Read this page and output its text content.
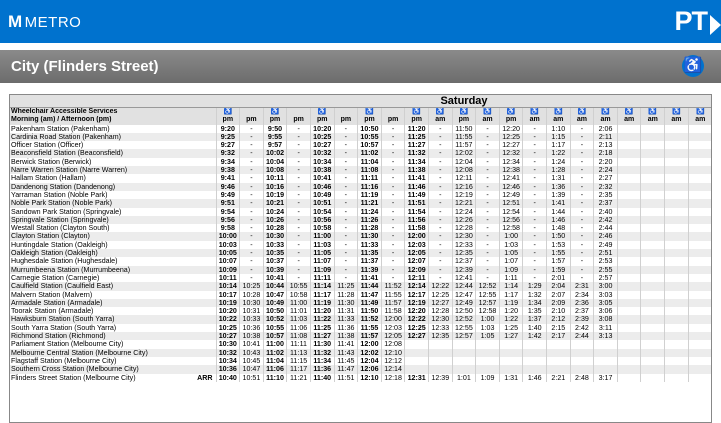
M METRO	PT
City (Flinders Street)	♿
		Saturday																				
Wheelchair Accessible Services		♿		♿		♿		♿		♿	♿	♿	♿	♿	♿	♿	♿	♿	♿	♿	♿	♿
Morning (am) / Afternoon (pm)		pm	pm	pm	pm	pm	pm	pm	pm	pm	am	pm	am	pm	am	am	am	am	am	am	am	am
Pakenham Station (Pakenham)		9:20	-	9:50	-	10:20	-	10:50	-	11:20	-	11:50	-	12:20	-	1:10	-	2:06				
Cardinia Road Station (Pakenham)		9:25	-	9:55	-	10:25	-	10:55	-	11:25	-	11:55	-	12:25	-	1:15	-	2:11				
Officer Station (Officer)		9:27	-	9:57	-	10:27	-	10:57	-	11:27	-	11:57	-	12:27	-	1:17	-	2:13				
Beaconsfield Station (Beaconsfield)		9:32	-	10:02	-	10:32	-	11:02	-	11:32	-	12:02	-	12:32	-	1:22	-	2:18				
Berwick Station (Berwick)		9:34	-	10:04	-	10:34	-	11:04	-	11:34	-	12:04	-	12:34	-	1:24	-	2:20				
Narre Warren Station (Narre Warren)		9:38	-	10:08	-	10:38	-	11:08	-	11:38	-	12:08	-	12:38	-	1:28	-	2:24				
Hallam Station (Hallam)		9:41	-	10:11	-	10:41	-	11:11	-	11:41	-	12:11	-	12:41	-	1:31	-	2:27				
Dandenong Station (Dandenong)		9:46	-	10:16	-	10:46	-	11:16	-	11:46	-	12:16	-	12:46	-	1:36	-	2:32				
Yarraman Station (Noble Park)		9:49	-	10:19	-	10:49	-	11:19	-	11:49	-	12:19	-	12:49	-	1:39	-	2:35				
Noble Park Station (Noble Park)		9:51	-	10:21	-	10:51	-	11:21	-	11:51	-	12:21	-	12:51	-	1:41	-	2:37				
Sandown Park Station (Springvale)		9:54	-	10:24	-	10:54	-	11:24	-	11:54	-	12:24	-	12:54	-	1:44	-	2:40				
Springvale Station (Springvale)		9:56	-	10:26	-	10:56	-	11:26	-	11:56	-	12:26	-	12:56	-	1:46	-	2:42				
Westall Station (Clayton South)		9:58	-	10:28	-	10:58	-	11:28	-	11:58	-	12:28	-	12:58	-	1:48	-	2:44				
Clayton Station (Clayton)		10:00	-	10:30	-	11:00	-	11:30	-	12:00	-	12:30	-	1:00	-	1:50	-	2:46				
Huntingdale Station (Oakleigh)		10:03	-	10:33	-	11:03	-	11:33	-	12:03	-	12:33	-	1:03	-	1:53	-	2:49				
Oakleigh Station (Oakleigh)		10:05	-	10:35	-	11:05	-	11:35	-	12:05	-	12:35	-	1:05	-	1:55	-	2:51				
Hughesdale Station (Hughesdale)		10:07	-	10:37	-	11:07	-	11:37	-	12:07	-	12:37	-	1:07	-	1:57	-	2:53				
Murrumbeena Station (Murrumbeena)		10:09	-	10:39	-	11:09	-	11:39	-	12:09	-	12:39	-	1:09	-	1:59	-	2:55				
Carnegie Station (Carnegie)		10:11	-	10:41	-	11:11	-	11:41	-	12:11	-	12:41	-	1:11	-	2:01	-	2:57				
Caulfield Station (Caulfield East)		10:14	10:25	10:44	10:55	11:14	11:25	11:44	11:52	12:14	12:22	12:44	12:52	1:14	1:29	2:04	2:31	3:00				
Malvern Station (Malvern)		10:17	10:28	10:47	10:58	11:17	11:28	11:47	11:55	12:17	12:25	12:47	12:55	1:17	1:32	2:07	2:34	3:03				
Armadale Station (Armadale)		10:19	10:30	10:49	11:00	11:19	11:30	11:49	11:57	12:19	12:27	12:49	12:57	1:19	1:34	2:09	2:36	3:05				
Toorak Station (Armadale)		10:20	10:31	10:50	11:01	11:20	11:31	11:50	11:58	12:20	12:28	12:50	12:58	1:20	1:35	2:10	2:37	3:06				
Hawksburn Station (South Yarra)		10:22	10:33	10:52	11:03	11:22	11:33	11:52	12:00	12:22	12:30	12:52	1:00	1:22	1:37	2:12	2:39	3:08				
South Yarra Station (South Yarra)		10:25	10:36	10:55	11:06	11:25	11:36	11:55	12:03	12:25	12:33	12:55	1:03	1:25	1:40	2:15	2:42	3:11				
Richmond Station (Richmond)		10:27	10:38	10:57	11:08	11:27	11:38	11:57	12:05	12:27	12:35	12:57	1:05	1:27	1:42	2:17	2:44	3:13				
Parliament Station (Melbourne City)		10:30	10:41	11:00	11:11	11:30	11:41	12:00	12:08													
Melbourne Central Station (Melbourne City)		10:32	10:43	11:02	11:13	11:32	11:43	12:02	12:10													
Flagstaff Station (Melbourne City)		10:34	10:45	11:04	11:15	11:34	11:45	12:04	12:12													
Southern Cross Station (Melbourne City)		10:36	10:47	11:06	11:17	11:36	11:47	12:06	12:14													
Flinders Street Station (Melbourne City)	ARR	10:40	10:51	11:10	11:21	11:40	11:51	12:10	12:18	12:31	12:39	1:01	1:09	1:31	1:46	2:21	2:48	3:17				
